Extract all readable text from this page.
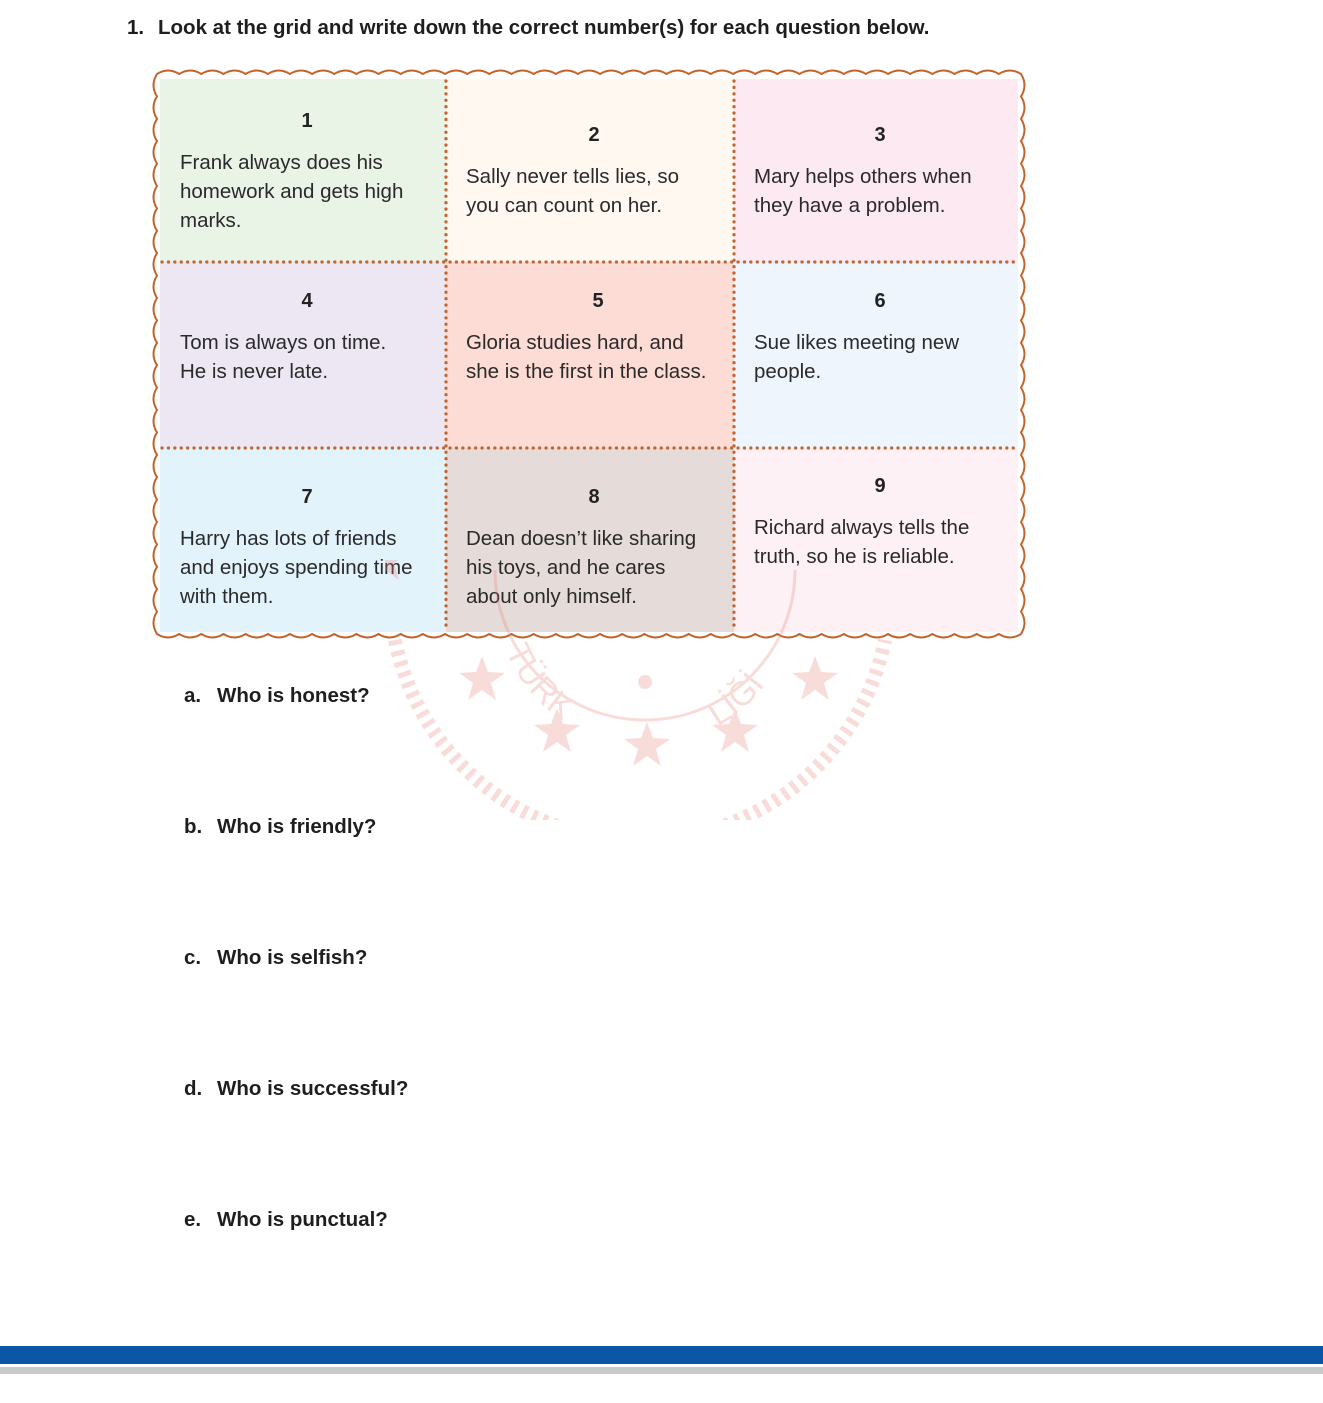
1. Look at the grid and write down the correct number(s) for each question below.
1
Frank always does his
homework and gets high
marks.
2
Sally never tells lies, so
you can count on her.
3
Mary helps others when
they have a problem.
4
Tom is always on time.
He is never late.
5
Gloria studies hard, and
she is the first in the class.
6
Sue likes meeting new
people.
7
Harry has lots of friends
and enjoys spending time
with them.
8
Dean doesn’t like sharing
his toys, and he cares
about only himself.
9
Richard always tells the
truth, so he is reliable.
TÜRK	LİĞİ
a. Who is honest?
b. Who is friendly?
c. Who is selfish?
d. Who is successful?
e. Who is punctual?
